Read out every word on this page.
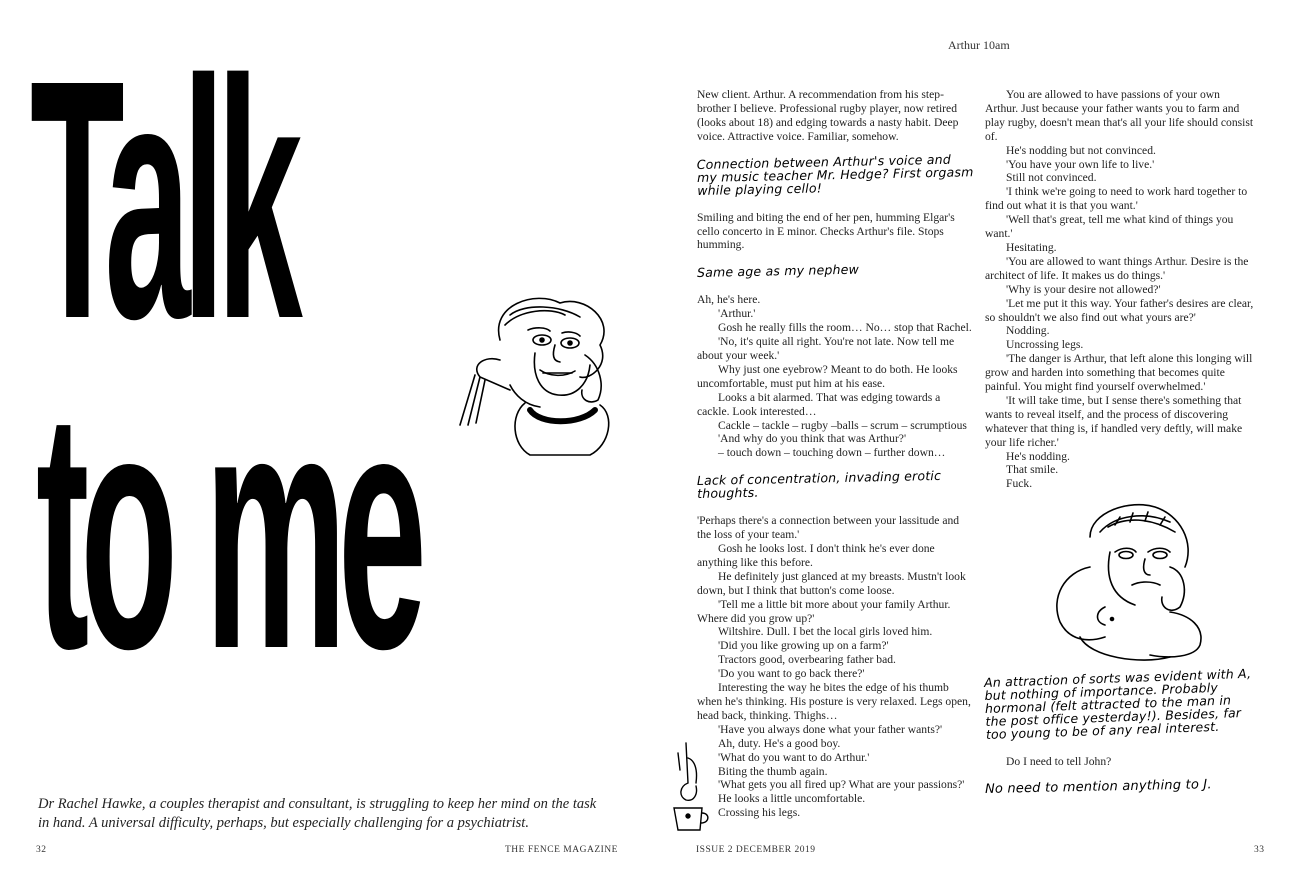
Talk
to me
Dr Rachel Hawke, a couples therapist and consultant, is struggling to keep her mind on the task in hand. A universal difficulty, perhaps, but especially challenging for a psychiatrist.
32	THE FENCE MAGAZINE
Arthur 10am

New client. Arthur. A recommendation from his step-brother I believe. Professional rugby player, now retired (looks about 18) and edging towards a nasty habit. Deep voice. Attractive voice. Familiar, somehow.

Connection between Arthur's voice and my music teacher Mr. Hedge? First orgasm while playing cello!

Smiling and biting the end of her pen, humming Elgar's cello concerto in E minor. Checks Arthur's file. Stops humming.

Same age as my nephew

Ah, he's here.

'Arthur.'

Gosh he really fills the room… No… stop that Rachel.

'No, it's quite all right. You're not late. Now tell me about your week.'

Why just one eyebrow? Meant to do both. He looks uncomfortable, must put him at his ease.

Looks a bit alarmed. That was edging towards a cackle. Look interested…

Cackle – tackle – rugby –balls – scrum – scrumptious

'And why do you think that was Arthur?'

– touch down – touching down – further down…

Lack of concentration, invading erotic thoughts.

'Perhaps there's a connection between your lassitude and the loss of your team.'

Gosh he looks lost. I don't think he's ever done anything like this before.

He definitely just glanced at my breasts. Mustn't look down, but I think that button's come loose.

'Tell me a little bit more about your family Arthur. Where did you grow up?'

Wiltshire. Dull. I bet the local girls loved him.

'Did you like growing up on a farm?'

Tractors good, overbearing father bad.

'Do you want to go back there?'

Interesting the way he bites the edge of his thumb when he's thinking. His posture is very relaxed. Legs open, head back, thinking. Thighs…

'Have you always done what your father wants?'

Ah, duty. He's a good boy.

'What do you want to do Arthur.'

Biting the thumb again.

'What gets you all fired up? What are your passions?'

He looks a little uncomfortable.

Crossing his legs.

You are allowed to have passions of your own Arthur. Just because your father wants you to farm and play rugby, doesn't mean that's all your life should consist of.

He's nodding but not convinced.

'You have your own life to live.'

Still not convinced.

'I think we're going to need to work hard together to find out what it is that you want.'

'Well that's great, tell me what kind of things you want.'

Hesitating.

'You are allowed to want things Arthur. Desire is the architect of life. It makes us do things.'

'Why is your desire not allowed?'

'Let me put it this way. Your father's desires are clear, so shouldn't we also find out what yours are?'

Nodding.

Uncrossing legs.

'The danger is Arthur, that left alone this longing will grow and harden into something that becomes quite painful. You might find yourself overwhelmed.'

'It will take time, but I sense there's something that wants to reveal itself, and the process of discovering whatever that thing is, if handled very deftly, will make your life richer.'

He's nodding.

That smile.

Fuck.

An attraction of sorts was evident with A, but nothing of importance. Probably hormonal (felt attracted to the man in the post office yesterday!). Besides, far too young to be of any real interest.

Do I need to tell John?

No need to mention anything to J.

ISSUE 2 DECEMBER 2019	33
